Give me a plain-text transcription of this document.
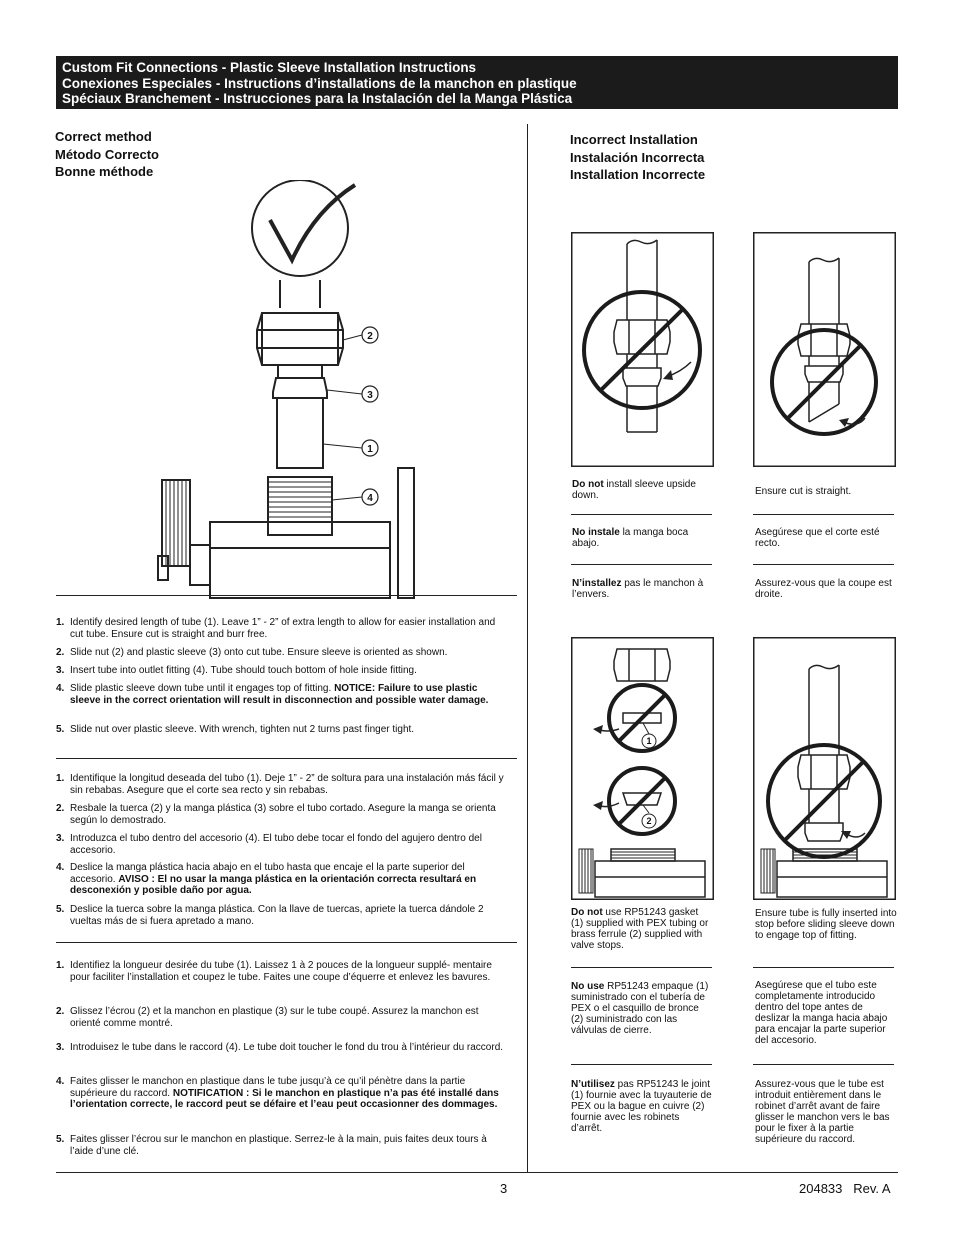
Custom Fit Connections - Plastic Sleeve Installation Instructions
Conexiones Especiales - Instructions d’installations de la manchon en plastique
Spéciaux Branchement - Instrucciones para la Instalación del la Manga Plástica
Correct method
Método Correcto
Bonne méthode
Incorrect Installation
Instalación Incorrecta
Installation Incorrecte
2
3
1
4
1. Identify desired length of tube (1). Leave 1” - 2” of extra length to allow for easier installation and cut tube. Ensure cut is straight and burr free.
2. Slide nut (2) and plastic sleeve (3) onto cut tube. Ensure sleeve is oriented as shown.
3. Insert tube into outlet fitting (4). Tube should touch bottom of hole inside fitting.
4. Slide plastic sleeve down tube until it engages top of fitting. NOTICE: Failure to use plastic sleeve in the correct orientation will result in disconnection and possible water damage.
5. Slide nut over plastic sleeve. With wrench, tighten nut 2 turns past finger tight.
1. Identifique la longitud deseada del tubo (1). Deje 1” - 2” de soltura para una instalación más fácil y sin rebabas. Asegure que el corte sea recto y sin rebabas.
2. Resbale la tuerca (2) y la manga plástica (3) sobre el tubo cortado. Asegure la manga se orienta según lo demostrado.
3. Introduzca el tubo dentro del accesorio (4). El tubo debe tocar el fondo del agujero dentro del accesorio.
4. Deslice la manga plástica hacia abajo en el tubo hasta que encaje el la parte superior del accesorio. AVISO : El no usar la manga plástica en la orientación correcta resultará en desconexión y posible daño por agua.
5. Deslice la tuerca sobre la manga plástica. Con la llave de tuercas, apriete la tuerca dándole 2 vueltas más de si fuera apretado a mano.
1. Identifiez la longueur desirée du tube (1). Laissez 1 à 2 pouces de la longueur supplé- mentaire pour faciliter l’installation et coupez le tube. Faites une coupe d’équerre et enlevez les bavures.
2. Glissez l’écrou (2) et la manchon en plastique (3) sur le tube coupé. Assurez la manchon est orienté comme montré.
3. Introduisez le tube dans le raccord (4). Le tube doit toucher le fond du trou à l’intérieur du raccord.
4. Faites glisser le manchon en plastique dans le tube jusqu’à ce qu’il pénètre dans la partie supérieure du raccord. NOTIFICATION : Si le manchon en plastique n’a pas été installé dans l’orientation correcte, le raccord peut se défaire et l’eau peut occasionner des dommages.
5. Faites glisser l’écrou sur le manchon en plastique. Serrez-le à la main, puis faites deux tours à l’aide d’une clé.
Do not install sleeve upside down.
No instale la manga boca abajo.
N’installez pas le manchon à l’envers.
Ensure cut is straight.
Asegúrese que el corte esté recto.
Assurez-vous que la coupe est droite.
1
2
Do not use RP51243 gasket (1) supplied with PEX tubing or brass ferrule (2) supplied with valve stops.
No use RP51243 empaque (1) suministrado con el tubería de PEX o el casquillo de bronce (2) suministrado con las válvulas de cierre.
N’utilisez pas RP51243 le joint (1) fournie avec la tuyauterie de PEX ou la bague en cuivre (2) fournie avec les robinets d’arrêt.
Ensure tube is fully inserted into stop before sliding sleeve down to engage top of fitting.
Asegúrese que el tubo este completamente introducido dentro del tope antes de deslizar la manga hacia abajo para encajar la parte superior del accesorio.
Assurez-vous que le tube est introduit entièrement dans le robinet d’arrêt avant de faire glisser le manchon vers le bas pour le fixer à la partie supérieure du raccord.
3	204833 Rev. A
